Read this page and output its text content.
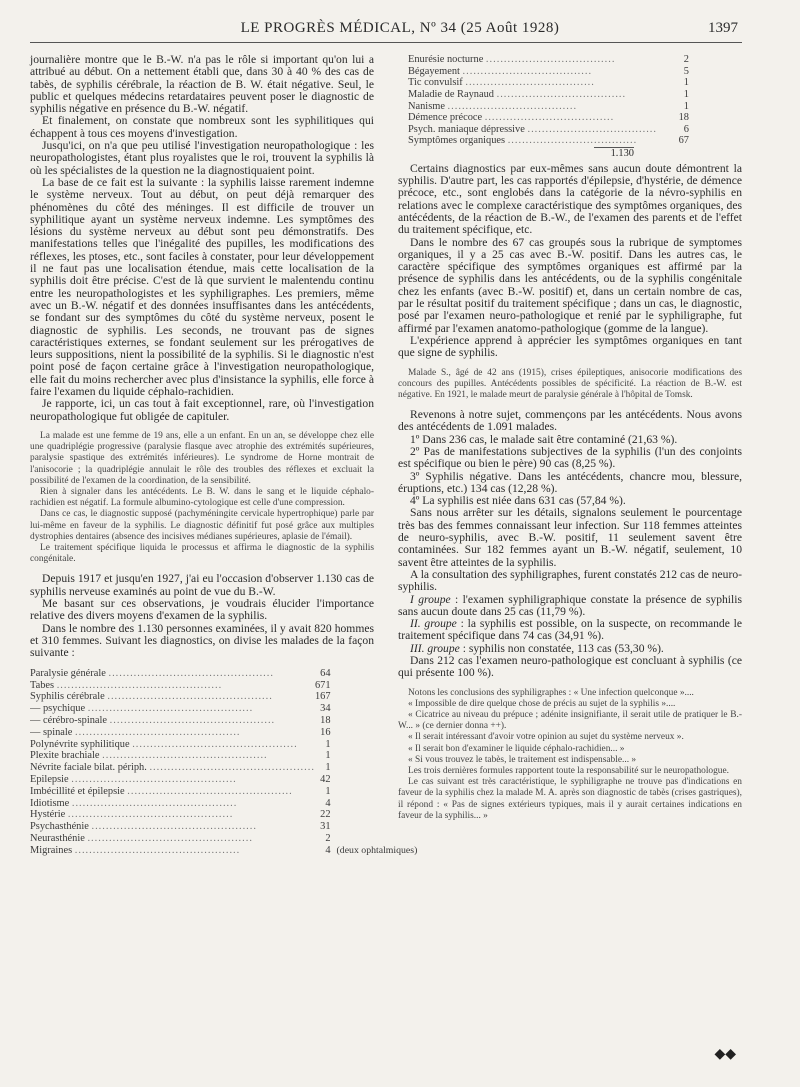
LE PROGRÈS MÉDICAL, Nº 34 (25 Août 1928)	1397

journalière montre que le B.-W. n'a pas le rôle si important qu'on lui a attribué au début. On a nettement établi que, dans 30 à 40 % des cas de tabès, de syphilis cérébrale, la réaction de B. W. était négative. Seul, le public et quelques médecins retardataires peuvent poser le diagnostic de syphilis négative en présence du B.-W. négatif.

Et finalement, on constate que nombreux sont les syphilitiques qui échappent à tous ces moyens d'investigation.

Jusqu'ici, on n'a que peu utilisé l'investigation neuropathologique : les neuropathologistes, étant plus royalistes que le roi, trouvent la syphilis là où les spécialistes de la question ne la diagnostiquaient point.

La base de ce fait est la suivante : la syphilis laisse rarement indemne le système nerveux. Tout au début, on peut déjà remarquer des phénomènes du côté des méninges. Il est difficile de trouver un syphilitique ayant un système nerveux indemne. Les symptômes des lésions du système nerveux au début sont peu démonstratifs. Des manifestations telles que l'inégalité des pupilles, les modifications des réflexes, les ptoses, etc., sont faciles à constater, pour leur développement il ne faut pas une localisation étendue, mais cette localisation de la syphilis doit être précise. C'est de là que survient le malentendu continu entre les neuropathologistes et les syphiligraphes. Les premiers, même avec un B.-W. négatif et des données insuffisantes dans les antécédents, se fondant sur des symptômes du côté du système nerveux, posent le diagnostic de syphilis. Les seconds, ne trouvant pas de signes caractéristiques externes, se fondant seulement sur les prérogatives de leurs suppositions, nient la possibilité de la syphilis. Si le diagnostic n'est point posé de façon certaine grâce à l'investigation neuropathologique, elle fait du moins rechercher avec plus d'insistance la syphilis, elle force à faire l'examen du liquide céphalo-rachidien.

Je rapporte, ici, un cas tout à fait exceptionnel, rare, où l'investigation neuropathologique fut obligée de capituler.

La malade est une femme de 19 ans, elle a un enfant. En un an, se développe chez elle une quadriplégie progressive (paralysie flasque avec atrophie des extrémités supérieures, paralysie spastique des extrémités inférieures). Le syndrome de Horne montrait de l'anisocorie ; la quadriplégie annulait le rôle des troubles des réflexes et excluait la possibilité de l'examen de la coordination, de la sensibilité.

Rien à signaler dans les antécédents. Le B. W. dans le sang et le liquide céphalo-rachidien est négatif. La formule albumino-cytologique est celle d'une compression.

Dans ce cas, le diagnostic supposé (pachyméningite cervicale hypertrophique) parle par lui-même en faveur de la syphilis. Le diagnostic définitif fut posé grâce aux multiples dystrophies dentaires (absence des incisives médianes supérieures, aplasie de l'émail).

Le traitement spécifique liquida le processus et affirma le diagnostic de la syphilis congénitale.

Depuis 1917 et jusqu'en 1927, j'ai eu l'occasion d'observer 1.130 cas de syphilis nerveuse examinés au point de vue du B.-W.

Me basant sur ces observations, je voudrais élucider l'importance relative des divers moyens d'examen de la syphilis.

Dans le nombre des 1.130 personnes examinées, il y avait 820 hommes et 310 femmes. Suivant les diagnostics, on divise les malades de la façon suivante :

Paralysie générale ..............................................	64	
Tabes ..............................................	671	
Syphilis cérébrale ..............................................	167	
— psychique ..............................................	34	
— cérébro-spinale ..............................................	18	
— spinale ..............................................	16	
Polynévrite syphilitique ..............................................	1	
Plexite brachiale ..............................................	1	
Névrite faciale bilat. périph. ..............................................	1	
Epilepsie ..............................................	42	
Imbécillité et épilepsie ..............................................	1	
Idiotisme ..............................................	4	
Hystérie ..............................................	22	
Psychasthénie ..............................................	31	
Neurasthénie ..............................................	2	
Migraines ..............................................	4	(deux ophtalmiques)
Enurésie nocturne ....................................	2
Bégayement ....................................	5
Tic convulsif ....................................	1
Maladie de Raynaud ....................................	1
Nanisme ....................................	1
Démence précoce ....................................	18
Psych. maniaque dépressive ....................................	6
Symptômes organiques ....................................	67
1.130

Certains diagnostics par eux-mêmes sans aucun doute démontrent la syphilis. D'autre part, les cas rapportés d'épilepsie, d'hystérie, de démence précoce, etc., sont englobés dans la catégorie de la névro-syphilis en relations avec le complexe caractéristique des symptômes organiques, des antécédents, de la réaction de B.-W., de l'examen des parents et de l'effet du traitement spécifique, etc.

Dans le nombre des 67 cas groupés sous la rubrique de symptomes organiques, il y a 25 cas avec B.-W. positif. Dans les autres cas, le caractère spécifique des symptômes organiques est affirmé par la présence de syphilis dans les antécédents, ou de la syphilis congénitale chez les enfants (avec B.-W. positif) et, dans un certain nombre de cas, par le résultat positif du traitement spécifique ; dans un cas, le diagnostic, posé par l'examen neuro-pathologique et renié par le syphiligraphe, fut affirmé par l'examen anatomo-pathologique (gomme de la langue).

L'expérience apprend à apprécier les symptômes organiques en tant que signe de syphilis.

Malade S., âgé de 42 ans (1915), crises épileptiques, anisocorie modifications des concours des pupilles. Antécédents possibles de spécificité. La réaction de B.-W. est négative. En 1921, le malade meurt de paralysie générale à l'hôpital de Tomsk.

Revenons à notre sujet, commençons par les antécédents. Nous avons des antécédents de 1.091 malades.

1º Dans 236 cas, le malade sait être contaminé (21,63 %).

2º Pas de manifestations subjectives de la syphilis (l'un des conjoints est spécifique ou bien le père) 90 cas (8,25 %).

3º Syphilis négative. Dans les antécédents, chancre mou, blessure, éruptions, etc.) 134 cas (12,28 %).

4º La syphilis est niée dans 631 cas (57,84 %).

Sans nous arrêter sur les détails, signalons seulement le pourcentage très bas des femmes connaissant leur infection. Sur 118 femmes atteintes de neuro-syphilis, avec B.-W. positif, 11 seulement savent être contaminées. Sur 182 femmes ayant un B.-W. négatif, seulement, 10 savent être atteintes de la syphilis.

A la consultation des syphiligraphes, furent constatés 212 cas de neuro-syphilis.

I groupe : l'examen syphiligraphique constate la présence de syphilis sans aucun doute dans 25 cas (11,79 %).

II. groupe : la syphilis est possible, on la suspecte, on recommande le traitement spécifique dans 74 cas (34,91 %).

III. groupe : syphilis non constatée, 113 cas (53,30 %).

Dans 212 cas l'examen neuro-pathologique est concluant à syphilis (ce qui présente 100 %).

Notons les conclusions des syphiligraphes : « Une infection quelconque »....

« Impossible de dire quelque chose de précis au sujet de la syphilis »....

« Cicatrice au niveau du prépuce ; adénite insignifiante, il serait utile de pratiquer le B.-W... » (ce dernier donna ++).

« Il serait intéressant d'avoir votre opinion au sujet du système nerveux ».

« Il serait bon d'examiner le liquide céphalo-rachidien... »

« Si vous trouvez le tabès, le traitement est indispensable... »

Les trois dernières formules rapportent toute la responsabilité sur le neuropathologue.

Le cas suivant est très caractéristique, le syphiligraphe ne trouve pas d'indications en faveur de la syphilis chez la malade M. A. après son diagnostic de tabès (crises gastriques), il répond : « Pas de signes extérieurs typiques, mais il y aurait certaines indications en faveur de la syphilis... »

◆◆
